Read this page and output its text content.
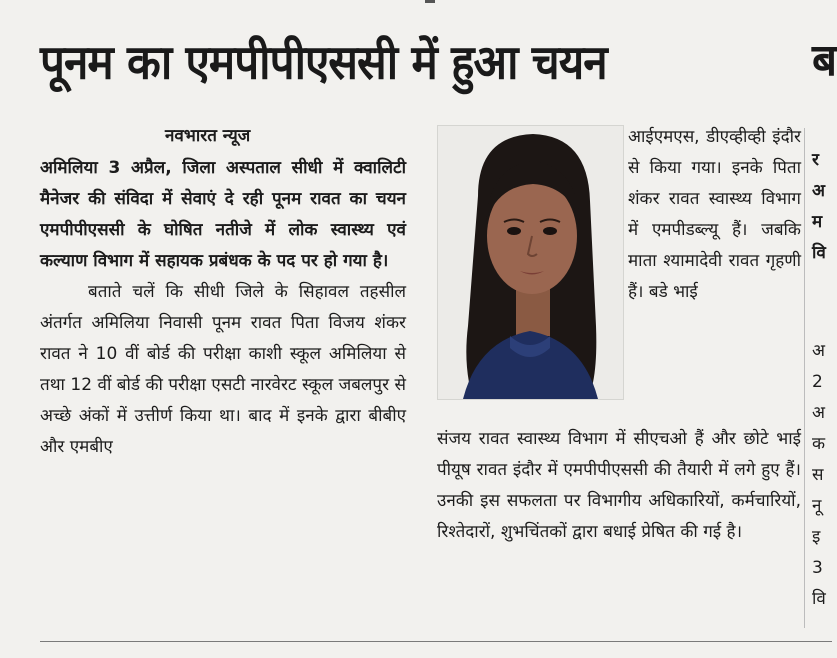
पूनम का एमपीपीएससी में हुआ चयन	ब
नवभारत न्यूज

अमिलिया 3 अप्रैल, जिला अस्पताल सीधी में क्वालिटी मैनेजर की संविदा में सेवाएं दे रही पूनम रावत का चयन एमपीपीएससी के घोषित नतीजे में लोक स्वास्थ्य एवं कल्याण विभाग में सहायक प्रबंधक के पद पर हो गया है।

बताते चलें कि सीधी जिले के सिहावल तहसील अंतर्गत अमिलिया निवासी पूनम रावत पिता विजय शंकर रावत ने 10 वीं बोर्ड की परीक्षा काशी स्कूल अमिलिया से तथा 12 वीं बोर्ड की परीक्षा एसटी नारवेरट स्कूल जबलपुर से अच्छे अंकों में उत्तीर्ण किया था। बाद में इनके द्वारा बीबीए और एमबीए

आईएमएस, डीएव्हीव्ही इंदौर से किया गया। इनके पिता शंकर रावत स्वास्थ्य विभाग में एमपीडब्ल्यू हैं। जबकि माता श्यामादेवी रावत गृहणी हैं। बडे भाई

संजय रावत स्वास्थ्य विभाग में सीएचओ हैं और छोटे भाई पीयूष रावत इंदौर में एमपीपीएससी की तैयारी में लगे हुए हैं। उनकी इस सफलता पर विभागीय अधिकारियों, कर्मचारियों, रिश्तेदारों, शुभचिंतकों द्वारा बधाई प्रेषित की गई है।

र
अ
म
वि
अ
2
अ
क
स
नू
इ
3
वि
